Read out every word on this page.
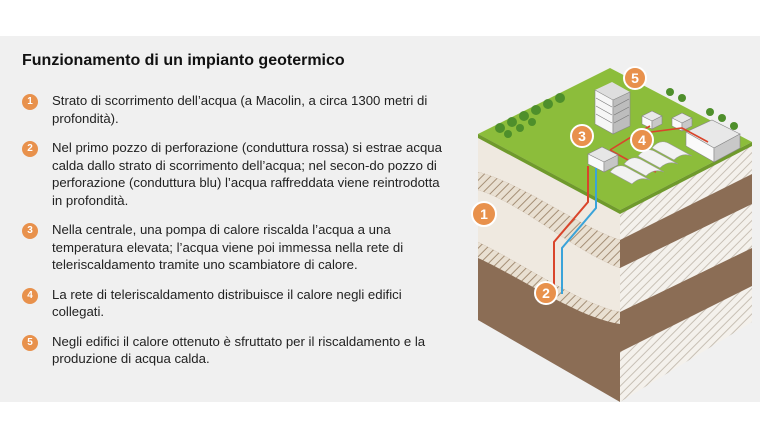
Funzionamento di un impianto geotermico
1	Strato di scorrimento dell’acqua (a Macolin, a circa 1300 metri di profondità).
2	Nel primo pozzo di perforazione (conduttura rossa) si estrae acqua calda dallo strato di scorrimento dell’acqua; nel secon-do pozzo di perforazione (conduttura blu) l’acqua raffreddata viene reintrodotta in profondità.
3	Nella centrale, una pompa di calore riscalda l’acqua a una temperatura elevata; l’acqua viene poi immessa nella rete di teleriscaldamento tramite uno scambiatore di calore.
4	La rete di teleriscaldamento distribuisce il calore negli edifici collegati.
5	Negli edifici il calore ottenuto è sfruttato per il riscaldamento e la produzione di acqua calda.
1
2
3	4
5
